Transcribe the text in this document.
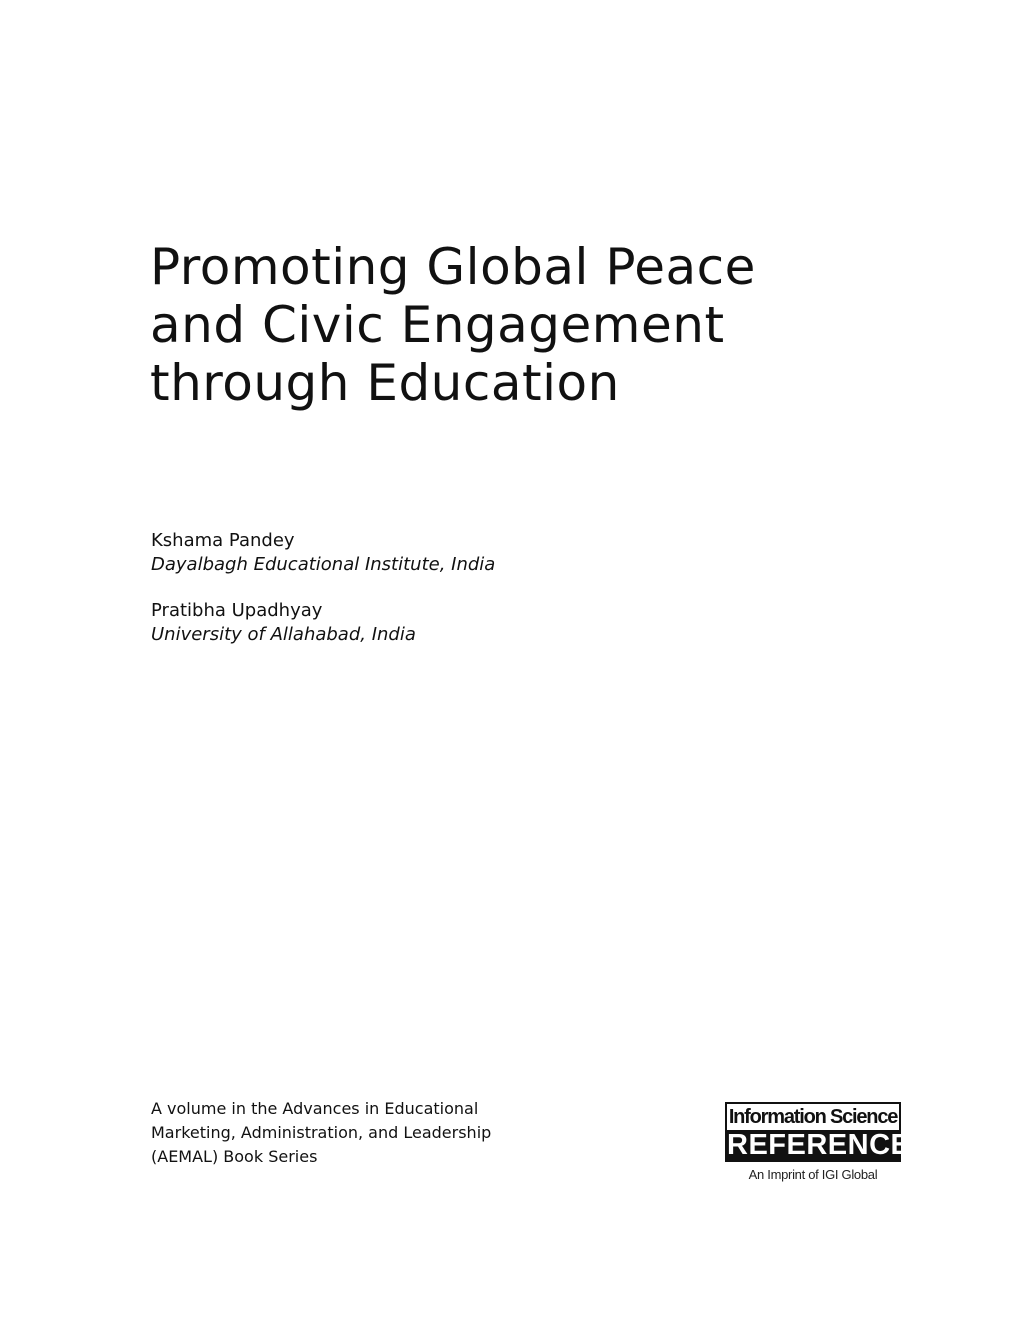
Promoting Global Peace
and Civic Engagement
through Education
Kshama Pandey
Dayalbagh Educational Institute, India
Pratibha Upadhyay
University of Allahabad, India
A volume in the Advances in Educational
Marketing, Administration, and Leadership
(AEMAL) Book Series
Information Science
REFERENCE
An Imprint of IGI Global
